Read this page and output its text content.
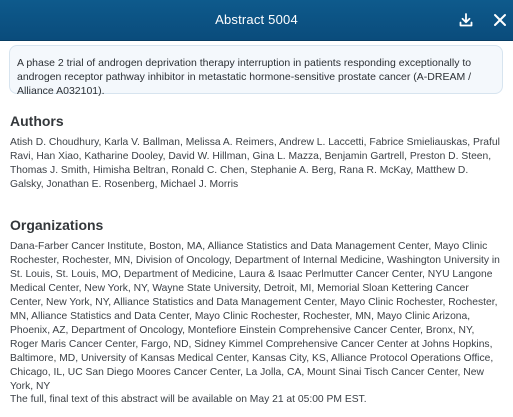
Abstract 5004
A phase 2 trial of androgen deprivation therapy interruption in patients responding exceptionally to androgen receptor pathway inhibitor in metastatic hormone-sensitive prostate cancer (A-DREAM / Alliance A032101).
Authors
Atish D. Choudhury, Karla V. Ballman, Melissa A. Reimers, Andrew L. Laccetti, Fabrice Smieliauskas, Praful Ravi, Han Xiao, Katharine Dooley, David W. Hillman, Gina L. Mazza, Benjamin Gartrell, Preston D. Steen, Thomas J. Smith, Himisha Beltran, Ronald C. Chen, Stephanie A. Berg, Rana R. McKay, Matthew D. Galsky, Jonathan E. Rosenberg, Michael J. Morris
Organizations
Dana-Farber Cancer Institute, Boston, MA, Alliance Statistics and Data Management Center, Mayo Clinic Rochester, Rochester, MN, Division of Oncology, Department of Internal Medicine, Washington University in St. Louis, St. Louis, MO, Department of Medicine, Laura & Isaac Perlmutter Cancer Center, NYU Langone Medical Center, New York, NY, Wayne State University, Detroit, MI, Memorial Sloan Kettering Cancer Center, New York, NY, Alliance Statistics and Data Management Center, Mayo Clinic Rochester, Rochester, MN, Alliance Statistics and Data Center, Mayo Clinic Rochester, Rochester, MN, Mayo Clinic Arizona, Phoenix, AZ, Department of Oncology, Montefiore Einstein Comprehensive Cancer Center, Bronx, NY, Roger Maris Cancer Center, Fargo, ND, Sidney Kimmel Comprehensive Cancer Center at Johns Hopkins, Baltimore, MD, University of Kansas Medical Center, Kansas City, KS, Alliance Protocol Operations Office, Chicago, IL, UC San Diego Moores Cancer Center, La Jolla, CA, Mount Sinai Tisch Cancer Center, New York, NY
The full, final text of this abstract will be available on May 21 at 05:00 PM EST.
